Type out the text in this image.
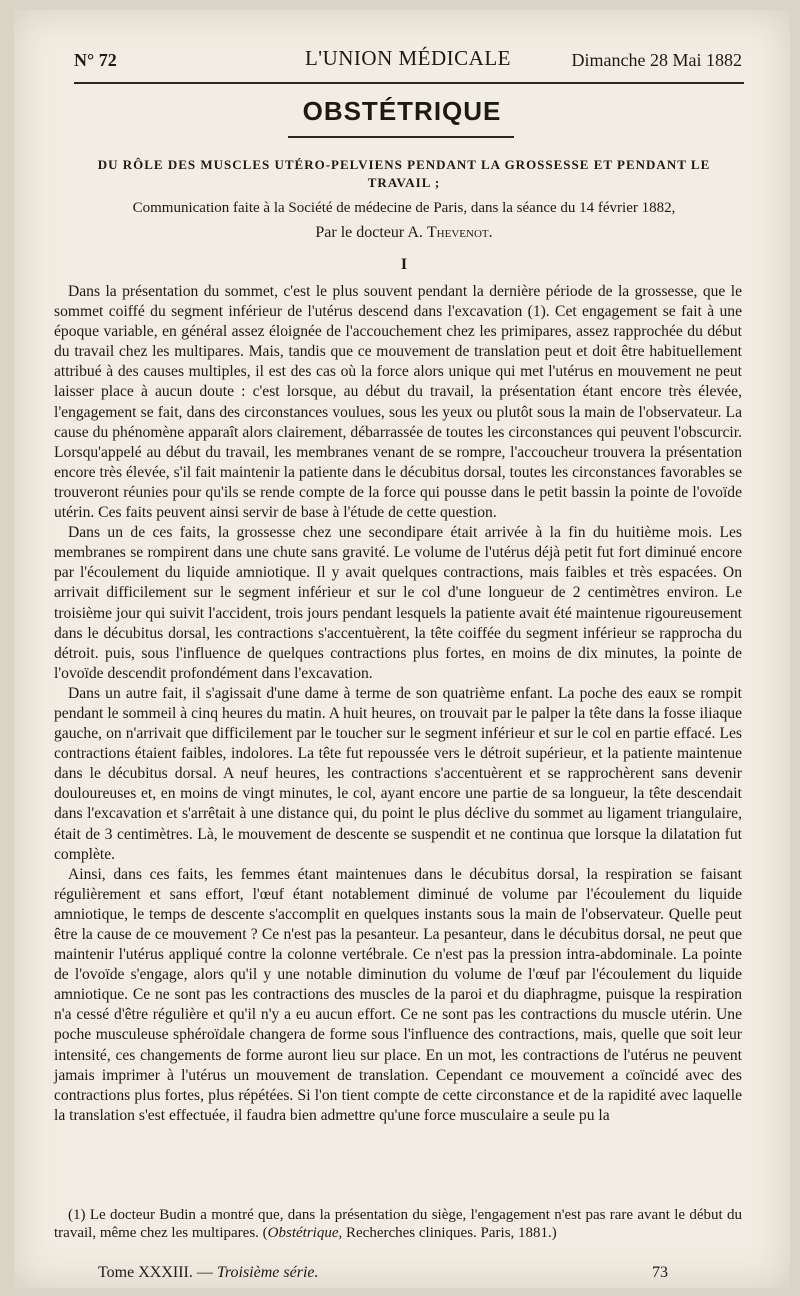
N° 72	L'UNION MÉDICALE	Dimanche 28 Mai 1882
OBSTÉTRIQUE
DU RÔLE DES MUSCLES UTÉRO-PELVIENS PENDANT LA GROSSESSE ET PENDANT LE TRAVAIL ;
Communication faite à la Société de médecine de Paris, dans la séance du 14 février 1882,
Par le docteur A. Thevenot.
I

Dans la présentation du sommet, c'est le plus souvent pendant la dernière période de la grossesse, que le sommet coiffé du segment inférieur de l'utérus descend dans l'excavation (1). Cet engagement se fait à une époque variable, en général assez éloignée de l'accouchement chez les primipares, assez rapprochée du début du travail chez les multipares. Mais, tandis que ce mouvement de translation peut et doit être habituellement attribué à des causes multiples, il est des cas où la force alors unique qui met l'utérus en mouvement ne peut laisser place à aucun doute : c'est lorsque, au début du travail, la présentation étant encore très élevée, l'engagement se fait, dans des circonstances voulues, sous les yeux ou plutôt sous la main de l'observateur. La cause du phénomène apparaît alors clairement, débarrassée de toutes les circonstances qui peuvent l'obscurcir. Lorsqu'appelé au début du travail, les membranes venant de se rompre, l'accoucheur trouvera la présentation encore très élevée, s'il fait maintenir la patiente dans le décubitus dorsal, toutes les circonstances favorables se trouveront réunies pour qu'ils se rende compte de la force qui pousse dans le petit bassin la pointe de l'ovoïde utérin. Ces faits peuvent ainsi servir de base à l'étude de cette question.

Dans un de ces faits, la grossesse chez une secondipare était arrivée à la fin du huitième mois. Les membranes se rompirent dans une chute sans gravité. Le volume de l'utérus déjà petit fut fort diminué encore par l'écoulement du liquide amniotique. Il y avait quelques contractions, mais faibles et très espacées. On arrivait difficilement sur le segment inférieur et sur le col d'une longueur de 2 centimètres environ. Le troisième jour qui suivit l'accident, trois jours pendant lesquels la patiente avait été maintenue rigoureusement dans le décubitus dorsal, les contractions s'accentuèrent, la tête coiffée du segment inférieur se rapprocha du détroit. puis, sous l'influence de quelques contractions plus fortes, en moins de dix minutes, la pointe de l'ovoïde descendit profondément dans l'excavation.

Dans un autre fait, il s'agissait d'une dame à terme de son quatrième enfant. La poche des eaux se rompit pendant le sommeil à cinq heures du matin. A huit heures, on trouvait par le palper la tête dans la fosse iliaque gauche, on n'arrivait que difficilement par le toucher sur le segment inférieur et sur le col en partie effacé. Les contractions étaient faibles, indolores. La tête fut repoussée vers le détroit supérieur, et la patiente maintenue dans le décubitus dorsal. A neuf heures, les contractions s'accentuèrent et se rapprochèrent sans devenir douloureuses et, en moins de vingt minutes, le col, ayant encore une partie de sa longueur, la tête descendait dans l'excavation et s'arrêtait à une distance qui, du point le plus déclive du sommet au ligament triangulaire, était de 3 centimètres. Là, le mouvement de descente se suspendit et ne continua que lorsque la dilatation fut complète.

Ainsi, dans ces faits, les femmes étant maintenues dans le décubitus dorsal, la respiration se faisant régulièrement et sans effort, l'œuf étant notablement diminué de volume par l'écoulement du liquide amniotique, le temps de descente s'accomplit en quelques instants sous la main de l'observateur. Quelle peut être la cause de ce mouvement ? Ce n'est pas la pesanteur. La pesanteur, dans le décubitus dorsal, ne peut que maintenir l'utérus appliqué contre la colonne vertébrale. Ce n'est pas la pression intra-abdominale. La pointe de l'ovoïde s'engage, alors qu'il y une notable diminution du volume de l'œuf par l'écoulement du liquide amniotique. Ce ne sont pas les contractions des muscles de la paroi et du diaphragme, puisque la respiration n'a cessé d'être régulière et qu'il n'y a eu aucun effort. Ce ne sont pas les contractions du muscle utérin. Une poche musculeuse sphéroïdale changera de forme sous l'influence des contractions, mais, quelle que soit leur intensité, ces changements de forme auront lieu sur place. En un mot, les contractions de l'utérus ne peuvent jamais imprimer à l'utérus un mouvement de translation. Cependant ce mouvement a coïncidé avec des contractions plus fortes, plus répétées. Si l'on tient compte de cette circonstance et de la rapidité avec laquelle la translation s'est effectuée, il faudra bien admettre qu'une force musculaire a seule pu la

(1) Le docteur Budin a montré que, dans la présentation du siège, l'engagement n'est pas rare avant le début du travail, même chez les multipares. (Obstétrique, Recherches cliniques. Paris, 1881.)

Tome XXXIII. — Troisième série.	73
